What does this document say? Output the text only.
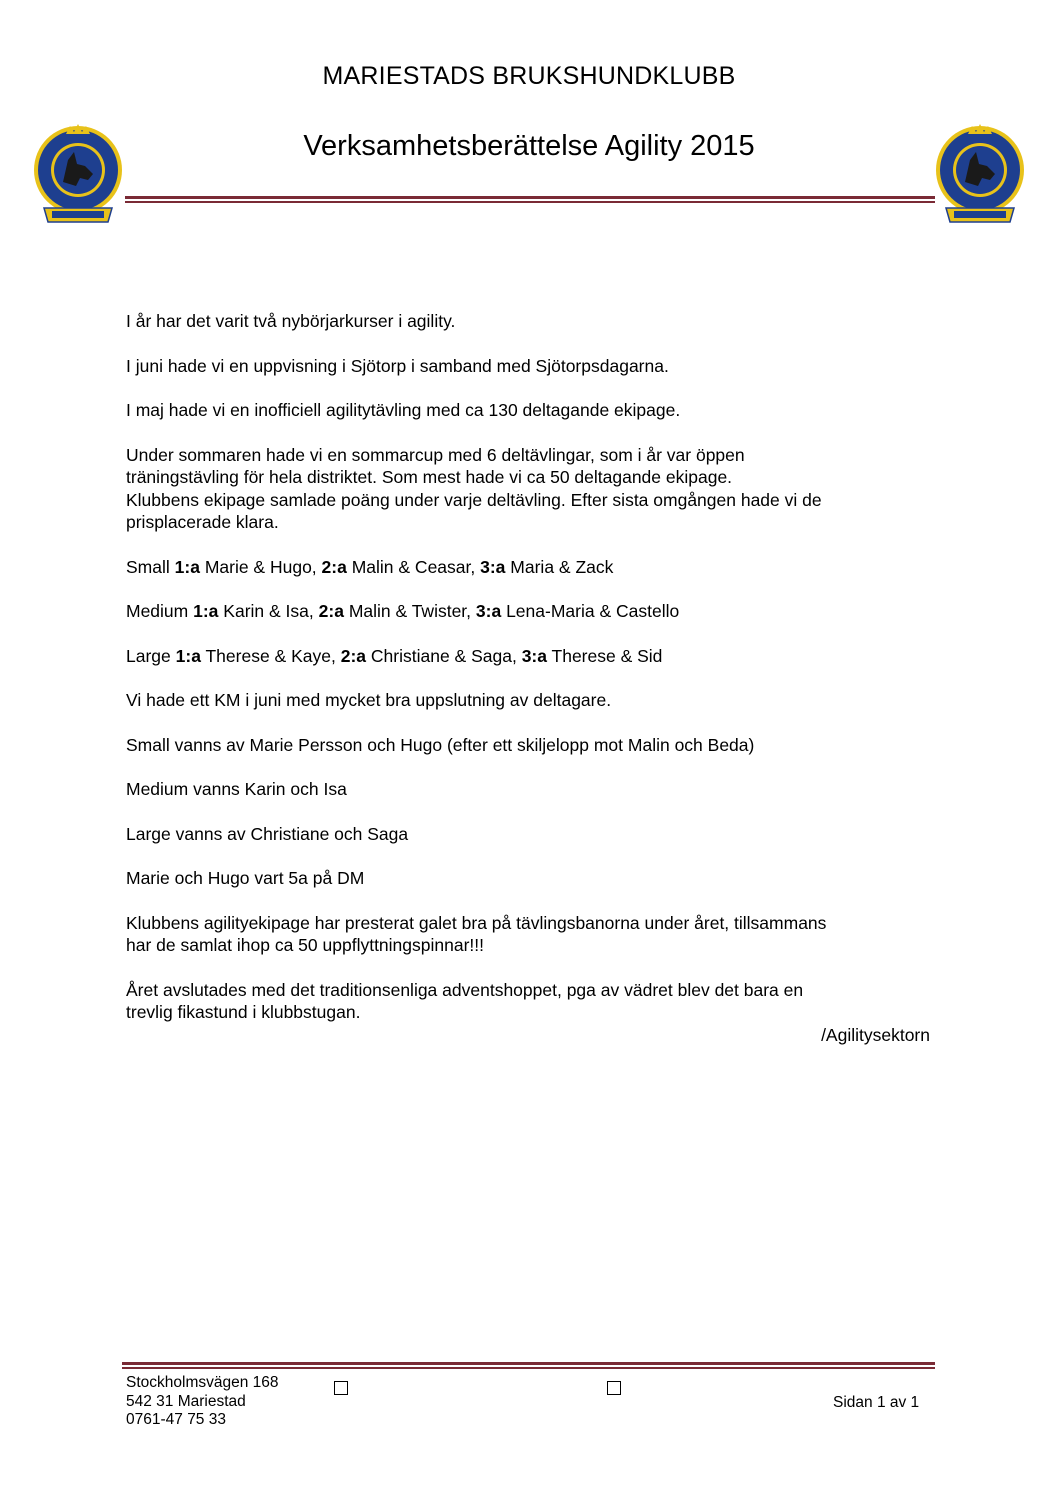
MARIESTADS BRUKSHUNDKLUBB
Verksamhetsberättelse Agility 2015

I år har det varit två nybörjarkurser i agility.

I juni hade vi en uppvisning i Sjötorp i samband med Sjötorpsdagarna.

I maj hade vi en inofficiell agilitytävling med ca 130 deltagande ekipage.

Under sommaren hade vi en sommarcup med 6 deltävlingar, som i år var öppen

träningstävling för hela distriktet. Som mest hade vi ca 50 deltagande ekipage.

Klubbens ekipage samlade poäng under varje deltävling. Efter sista omgången hade vi de

prisplacerade klara.

Small 1:a Marie & Hugo, 2:a Malin & Ceasar, 3:a Maria & Zack

Medium 1:a Karin & Isa, 2:a Malin & Twister, 3:a Lena-Maria & Castello

Large 1:a Therese & Kaye, 2:a Christiane & Saga, 3:a Therese & Sid

Vi hade ett KM i juni med mycket bra uppslutning av deltagare.

Small vanns av Marie Persson och Hugo (efter ett skiljelopp mot Malin och Beda)

Medium vanns Karin och Isa

Large vanns av Christiane och Saga

Marie och Hugo vart 5a på DM

Klubbens agilityekipage har presterat galet bra på tävlingsbanorna under året, tillsammans

har de samlat ihop ca 50 uppflyttningspinnar!!!

Året avslutades med det traditionsenliga adventshoppet, pga av vädret blev det bara en

trevlig fikastund i klubbstugan.

/Agilitysektorn

Stockholmsvägen 168
542 31 Mariestad
0761-47 75 33
Sidan 1 av 1
